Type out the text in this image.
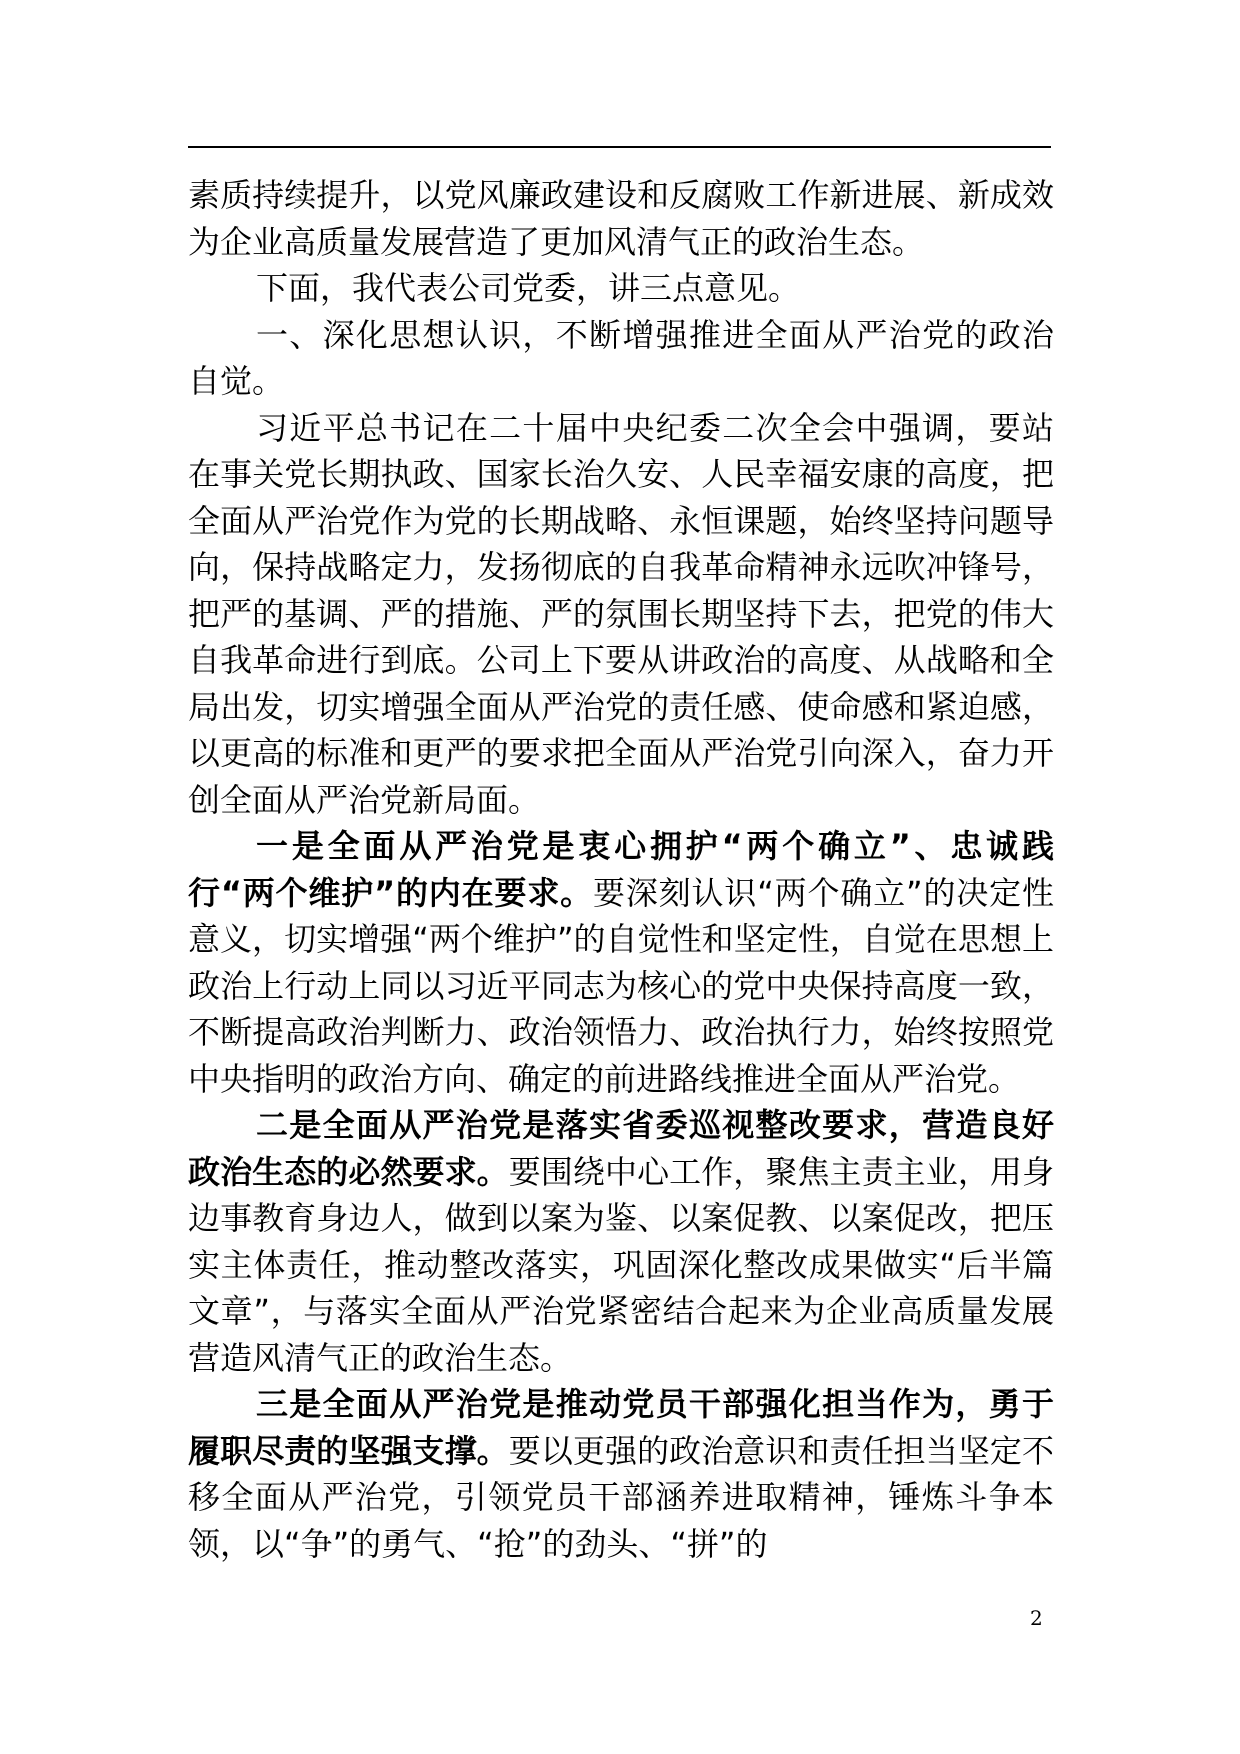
素质持续提升，以党风廉政建设和反腐败工作新进展、新成效为企业高质量发展营造了更加风清气正的政治生态。

下面，我代表公司党委，讲三点意见。

一、深化思想认识，不断增强推进全面从严治党的政治自觉。

习近平总书记在二十届中央纪委二次全会中强调，要站在事关党长期执政、国家长治久安、人民幸福安康的高度，把全面从严治党作为党的长期战略、永恒课题，始终坚持问题导向，保持战略定力，发扬彻底的自我革命精神永远吹冲锋号，把严的基调、严的措施、严的氛围长期坚持下去，把党的伟大自我革命进行到底。公司上下要从讲政治的高度、从战略和全局出发，切实增强全面从严治党的责任感、使命感和紧迫感，以更高的标准和更严的要求把全面从严治党引向深入，奋力开创全面从严治党新局面。

一是全面从严治党是衷心拥护“两个确立”、忠诚践行“两个维护”的内在要求。要深刻认识“两个确立”的决定性意义，切实增强“两个维护”的自觉性和坚定性，自觉在思想上政治上行动上同以习近平同志为核心的党中央保持高度一致，不断提高政治判断力、政治领悟力、政治执行力，始终按照党中央指明的政治方向、确定的前进路线推进全面从严治党。

二是全面从严治党是落实省委巡视整改要求，营造良好政治生态的必然要求。要围绕中心工作，聚焦主责主业，用身边事教育身边人，做到以案为鉴、以案促教、以案促改，把压实主体责任，推动整改落实，巩固深化整改成果做实“后半篇文章”，与落实全面从严治党紧密结合起来为企业高质量发展营造风清气正的政治生态。

三是全面从严治党是推动党员干部强化担当作为，勇于履职尽责的坚强支撑。要以更强的政治意识和责任担当坚定不移全面从严治党，引领党员干部涵养进取精神，锤炼斗争本领，以“争”的勇气、“抢”的劲头、“拼”的

2
